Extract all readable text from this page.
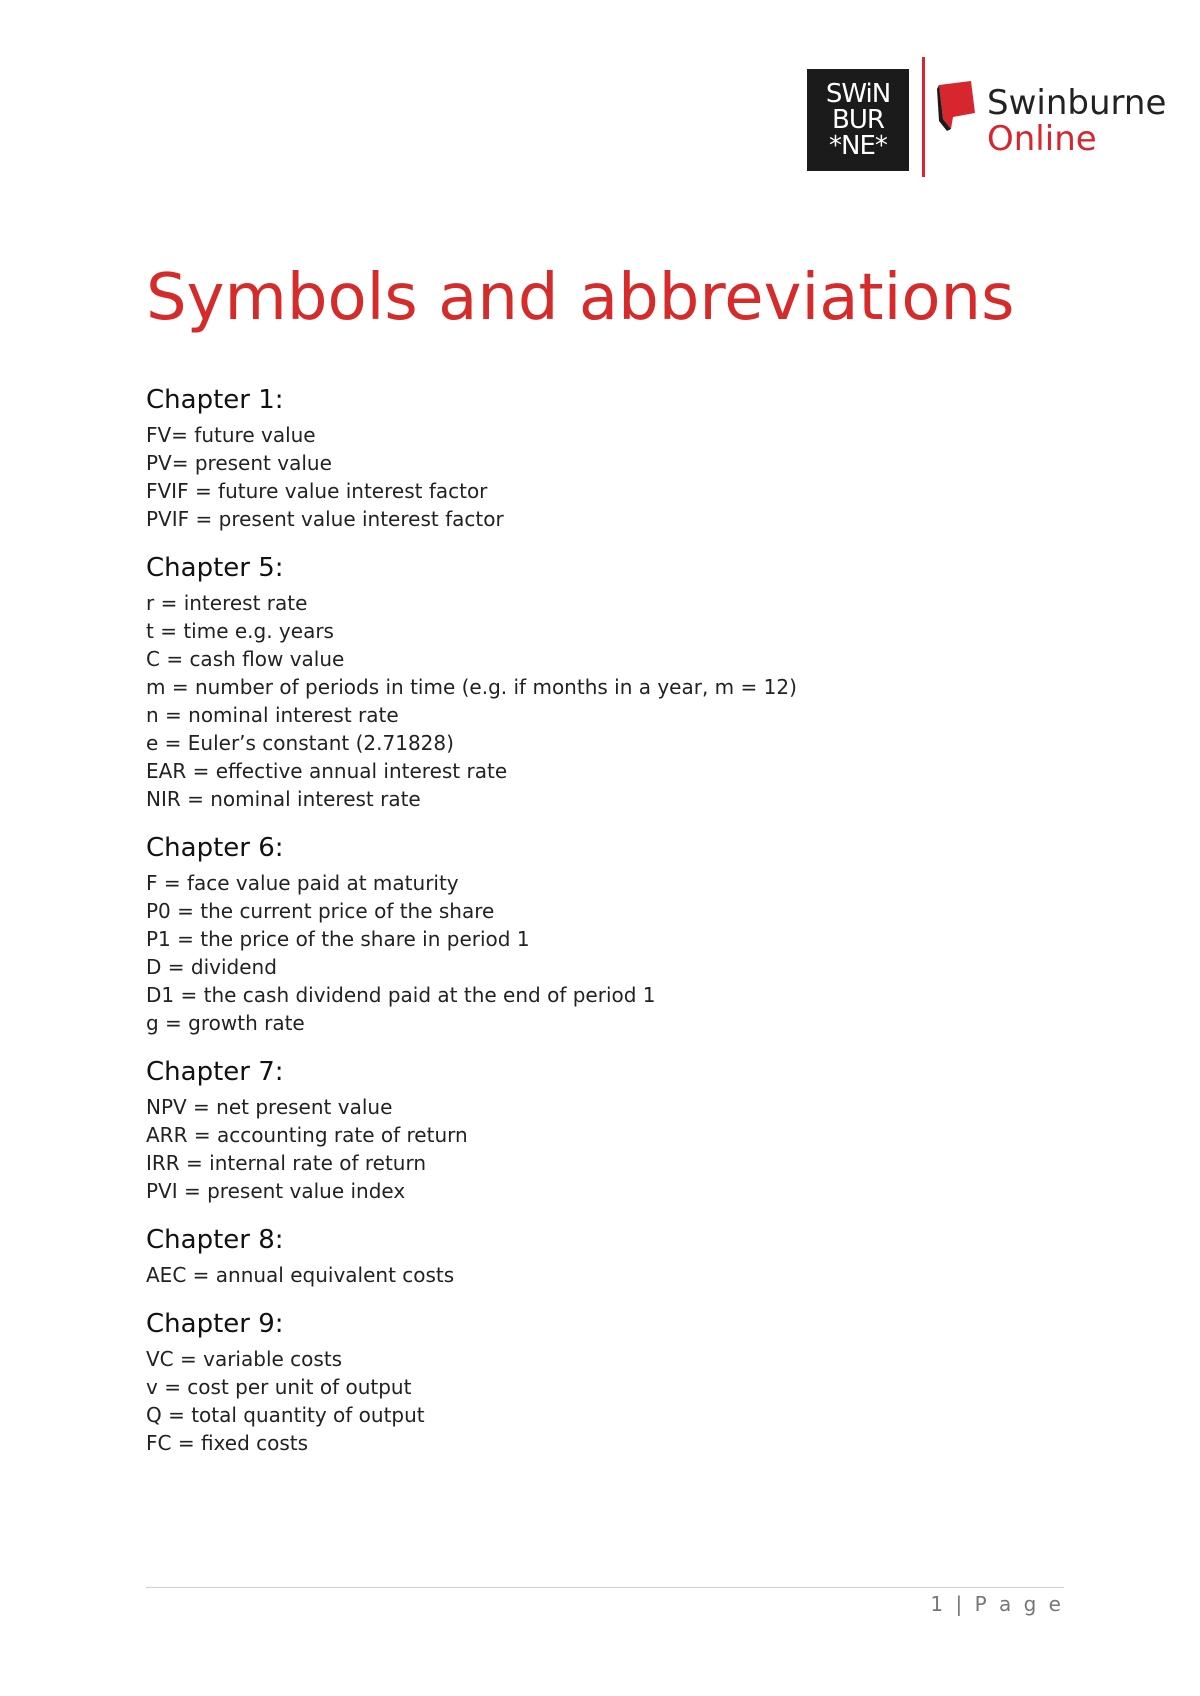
SWiN
BUR
*NE*
Swinburne
Online
Symbols and abbreviations
Chapter 1:

FV= future value

PV= present value

FVIF = future value interest factor

PVIF = present value interest factor

Chapter 5:

r = interest rate

t = time e.g. years

C = cash flow value

m = number of periods in time (e.g. if months in a year, m = 12)

n = nominal interest rate

e = Euler’s constant (2.71828)

EAR = effective annual interest rate

NIR = nominal interest rate

Chapter 6:

F = face value paid at maturity

P0 = the current price of the share

P1 = the price of the share in period 1

D = dividend

D1 = the cash dividend paid at the end of period 1

g = growth rate

Chapter 7:

NPV = net present value

ARR = accounting rate of return

IRR = internal rate of return

PVI = present value index

Chapter 8:

AEC = annual equivalent costs

Chapter 9:

VC = variable costs

v = cost per unit of output

Q = total quantity of output

FC = fixed costs

1 | P a g e
